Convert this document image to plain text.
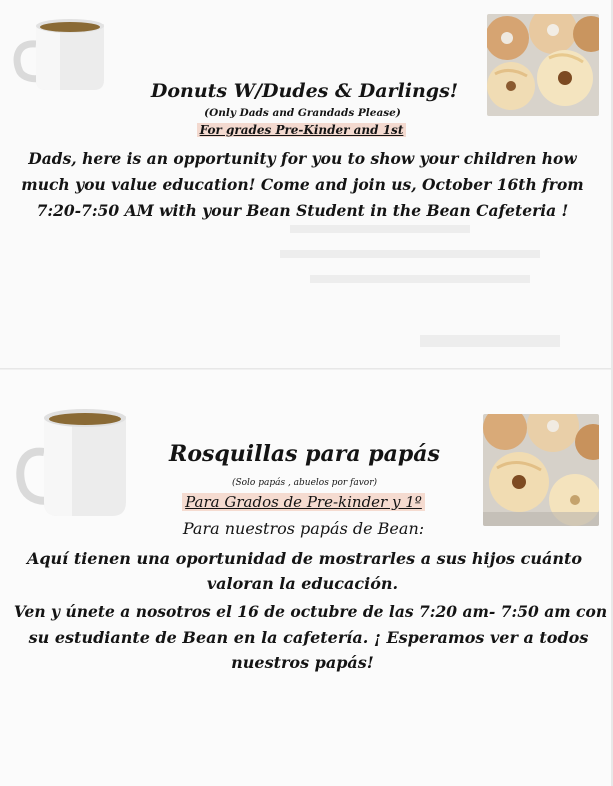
Donuts W/Dudes & Darlings!
(Only Dads and Grandads Please)
For grades Pre-Kinder and 1st
Dads, here is an opportunity for you to show your children how
much you value education! Come and join us, October 16th from
7:20-7:50 AM with your Bean Student in the Bean Cafeteria !
Rosquillas para papás
(Solo papás , abuelos por favor)
Para Grados de Pre-kinder y 1º
Para nuestros papás de Bean:
Aquí tienen una oportunidad de mostrarles a sus hijos cuánto
valoran la educación.
Ven y únete a nosotros el 16 de octubre de las 7:20 am- 7:50 am con
su estudiante de Bean en la cafetería. ¡ Esperamos ver a todos
nuestros papás!
